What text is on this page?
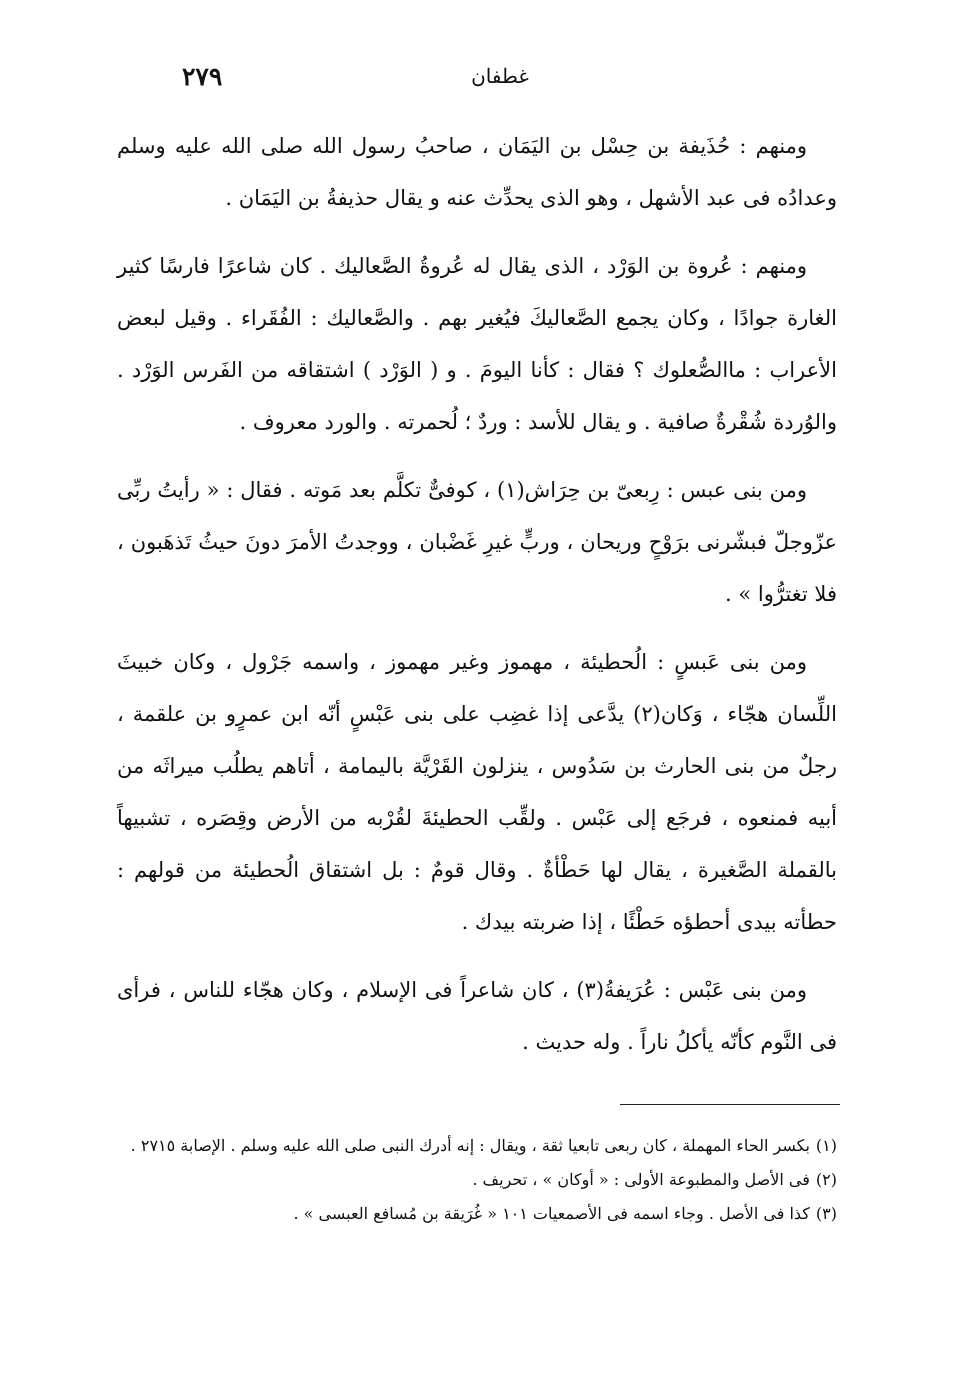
٢٧٩	غطفان

ومنهم : حُذَيفة بن حِسْل بن اليَمَان ، صاحبُ رسول الله صلى الله عليه وسلم وعدادُه فى عبد الأشهل ، وهو الذى يحدِّث عنه و يقال حذيفةُ بن اليَمَان .

ومنهم : عُروة بن الوَرْد ، الذى يقال له عُروةُ الصَّعاليك . كان شاعرًا فارسًا كثير الغارة جوادًا ، وكان يجمع الصَّعاليكَ فيُغير بهم . والصَّعاليك : الفُقَراء . وقيل لبعض الأعراب : ماالصُّعلوك ؟ فقال : كأنا اليومَ . و ( الوَرْد ) اشتقاقه من الفَرس الوَرْد . والوُردة شُقْرةٌ صافية . و يقال للأسد : وردٌ ؛ لُحمرته . والورد معروف .

ومن بنى عبس : رِبعىّ بن حِرَاش(١) ، كوفىٌّ تكلَّم بعد مَوته . فقال : « رأيتُ ربِّى عزّوجلّ فبشّرنى برَوْحٍ وريحان ، وربٍّ غيرِ غَضْبان ، ووجدتُ الأمرَ دونَ حيثُ تَذهَبون ، فلا تغترُّوا » .

ومن بنى عَبسٍ : الُحطيئة ، مهموز وغير مهموز ، واسمه جَرْول ، وكان خبيثَ اللِّسان هجّاء ، وَكان(٢) يدَّعى إذا غضِب على بنى عَبْسٍ أنّه ابن عمرٍو بن علقمة ، رجلٌ من بنى الحارث بن سَدُوس ، ينزلون القَرْيَّة باليمامة ، أتاهم يطلُب ميراثَه من أبيه فمنعوه ، فرجَع إلى عَبْس . ولقِّب الحطيئةَ لقُرْبه من الأرض وقِصَره ، تشبيهاً بالقملة الصَّغيرة ، يقال لها حَطْأةٌ . وقال قومٌ : بل اشتقاق الُحطيئة من قولهم : حطأته بيدى أحطؤه حَطْئًا ، إذا ضربته بيدك .

ومن بنى عَبْس : عُرَيفةُ(٣) ، كان شاعراً فى الإسلام ، وكان هجّاء للناس ، فرأى فى النَّوم كأنّه يأكلُ ناراً . وله حديث .

(١)بكسر الحاء المهملة ، كان ربعى تابعيا ثقة ، ويقال : إنه أدرك النبى صلى الله عليه وسلم . الإصابة ٢٧١٥ .

(٢)فى الأصل والمطبوعة الأولى : « أوكان » ، تحريف .

(٣)كذا فى الأصل . وجاء اسمه فى الأصمعيات ١٠١ « غُرَيقة بن مُسافع العبسى » .
